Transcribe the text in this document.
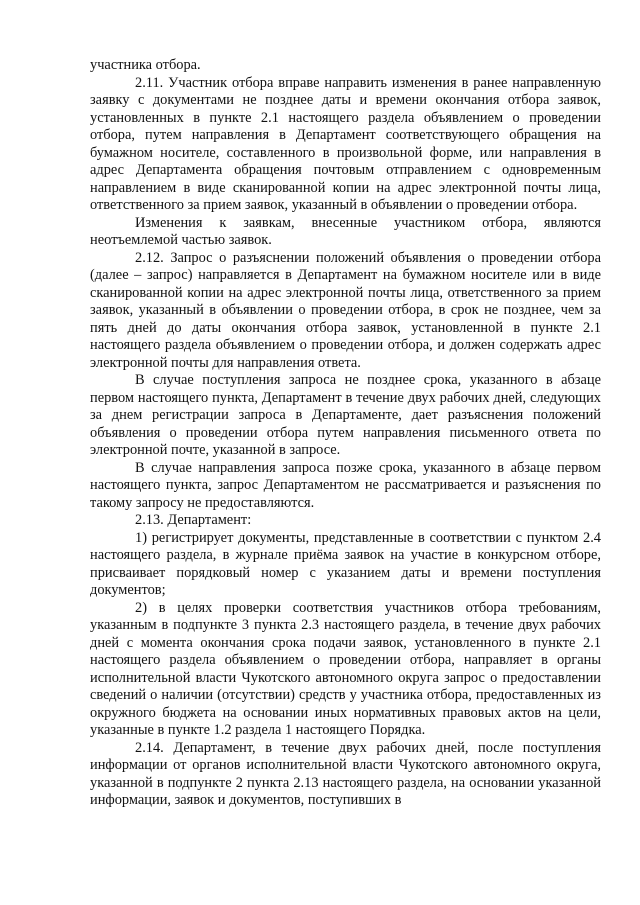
участника отбора.

2.11. Участник отбора вправе направить изменения в ранее направленную заявку с документами не позднее даты и времени окончания отбора заявок, установленных в пункте 2.1 настоящего раздела объявлением о проведении отбора, путем направления в Департамент соответствующего обращения на бумажном носителе, составленного в произвольной форме, или направления в адрес Департамента обращения почтовым отправлением с одновременным направлением в виде сканированной копии на адрес электронной почты лица, ответственного за прием заявок, указанный в объявлении о проведении отбора.

Изменения к заявкам, внесенные участником отбора, являются неотъемлемой частью заявок.

2.12. Запрос о разъяснении положений объявления о проведении отбора (далее – запрос) направляется в Департамент на бумажном носителе или в виде сканированной копии на адрес электронной почты лица, ответственного за прием заявок, указанный в объявлении о проведении отбора, в срок не позднее, чем за пять дней до даты окончания отбора заявок, установленной в пункте 2.1 настоящего раздела объявлением о проведении отбора, и должен содержать адрес электронной почты для направления ответа.

В случае поступления запроса не позднее срока, указанного в абзаце первом настоящего пункта, Департамент в течение двух рабочих дней, следующих за днем регистрации запроса в Департаменте, дает разъяснения положений объявления о проведении отбора путем направления письменного ответа по электронной почте, указанной в запросе.

В случае направления запроса позже срока, указанного в абзаце первом настоящего пункта, запрос Департаментом не рассматривается и разъяснения по такому запросу не предоставляются.

2.13. Департамент:

1) регистрирует документы, представленные в соответствии с пунктом 2.4 настоящего раздела, в журнале приёма заявок на участие в конкурсном отборе, присваивает порядковый номер с указанием даты и времени поступления документов;

2) в целях проверки соответствия участников отбора требованиям, указанным в подпункте 3 пункта 2.3 настоящего раздела, в течение двух рабочих дней с момента окончания срока подачи заявок, установленного в пункте 2.1 настоящего раздела объявлением о проведении отбора, направляет в органы исполнительной власти Чукотского автономного округа запрос о предоставлении сведений о наличии (отсутствии) средств у участника отбора, предоставленных из окружного бюджета на основании иных нормативных правовых актов на цели, указанные в пункте 1.2 раздела 1 настоящего Порядка.

2.14. Департамент, в течение двух рабочих дней, после поступления информации от органов исполнительной власти Чукотского автономного округа, указанной в подпункте 2 пункта 2.13 настоящего раздела, на основании указанной информации, заявок и документов, поступивших в
